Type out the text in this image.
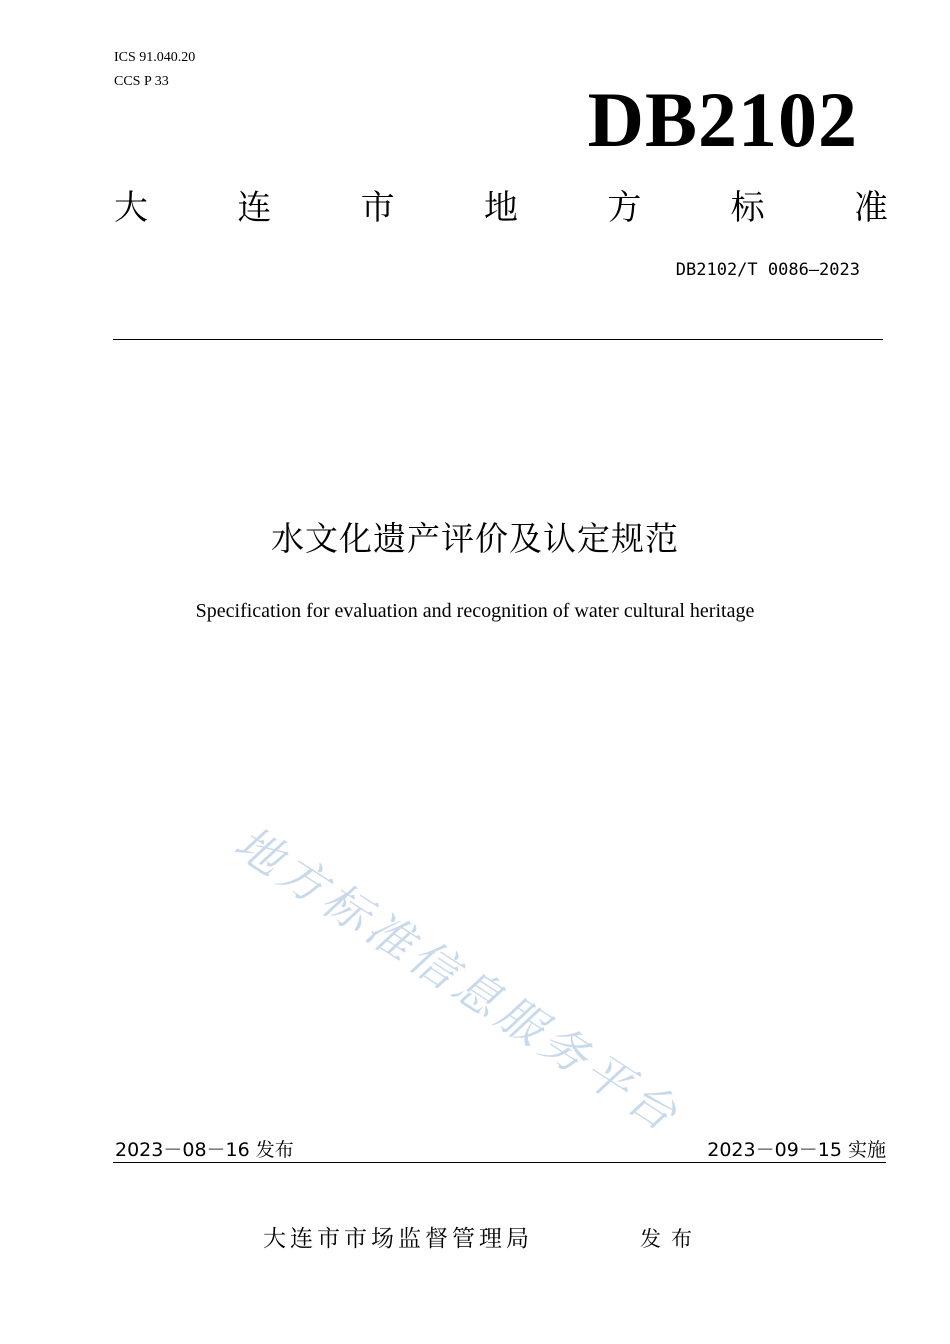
ICS 91.040.20
CCS P 33	DB2102
大	连	市	地	方	标	准
DB2102/T 0086—2023
水文化遗产评价及认定规范
Specification for evaluation and recognition of water cultural heritage
地方标准信息服务平台
2023－08－16 发布	2023－09－15 实施
大连市市场监督管理局	发布
